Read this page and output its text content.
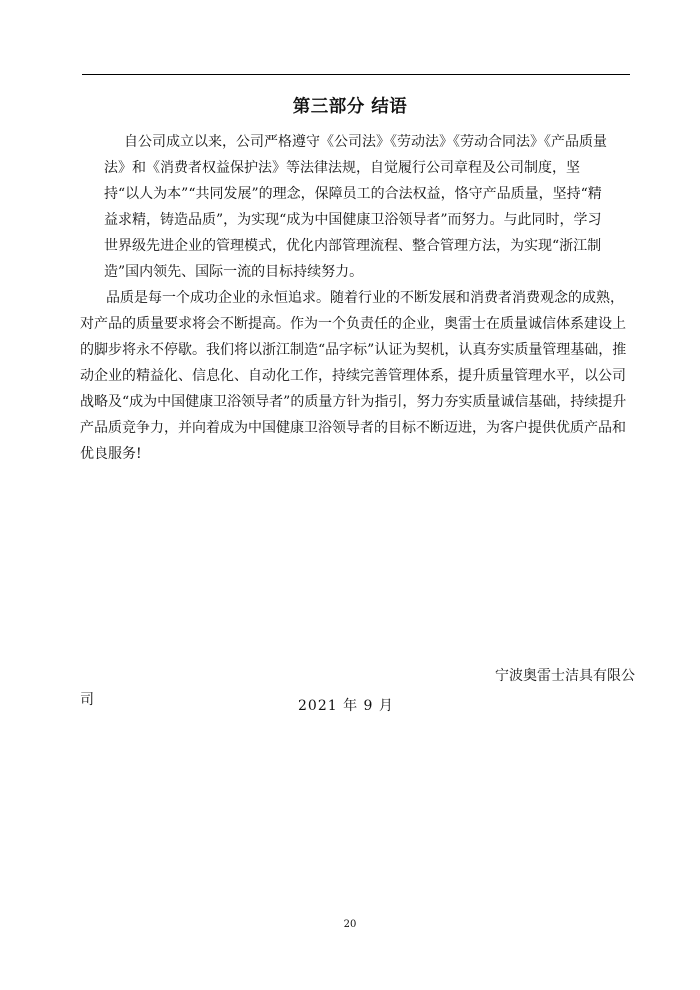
第三部分 结语

自公司成立以来，公司严格遵守《公司法》《劳动法》《劳动合同法》《产品质量法》和《消费者权益保护法》等法律法规，自觉履行公司章程及公司制度，坚持“以人为本”“共同发展”的理念，保障员工的合法权益，恪守产品质量，坚持“精益求精，铸造品质”，为实现“成为中国健康卫浴领导者”而努力。与此同时，学习世界级先进企业的管理模式，优化内部管理流程、整合管理方法，为实现“浙江制造”国内领先、国际一流的目标持续努力。

品质是每一个成功企业的永恒追求。随着行业的不断发展和消费者消费观念的成熟，对产品的质量要求将会不断提高。作为一个负责任的企业，奥雷士在质量诚信体系建设上的脚步将永不停歇。我们将以浙江制造“品字标”认证为契机，认真夯实质量管理基础，推动企业的精益化、信息化、自动化工作，持续完善管理体系，提升质量管理水平，以公司战略及“成为中国健康卫浴领导者”的质量方针为指引，努力夯实质量诚信基础，持续提升产品质竞争力，并向着成为中国健康卫浴领导者的目标不断迈进，为客户提供优质产品和优良服务!

宁波奥雷士洁具有限公司	2021 年 9 月
20
